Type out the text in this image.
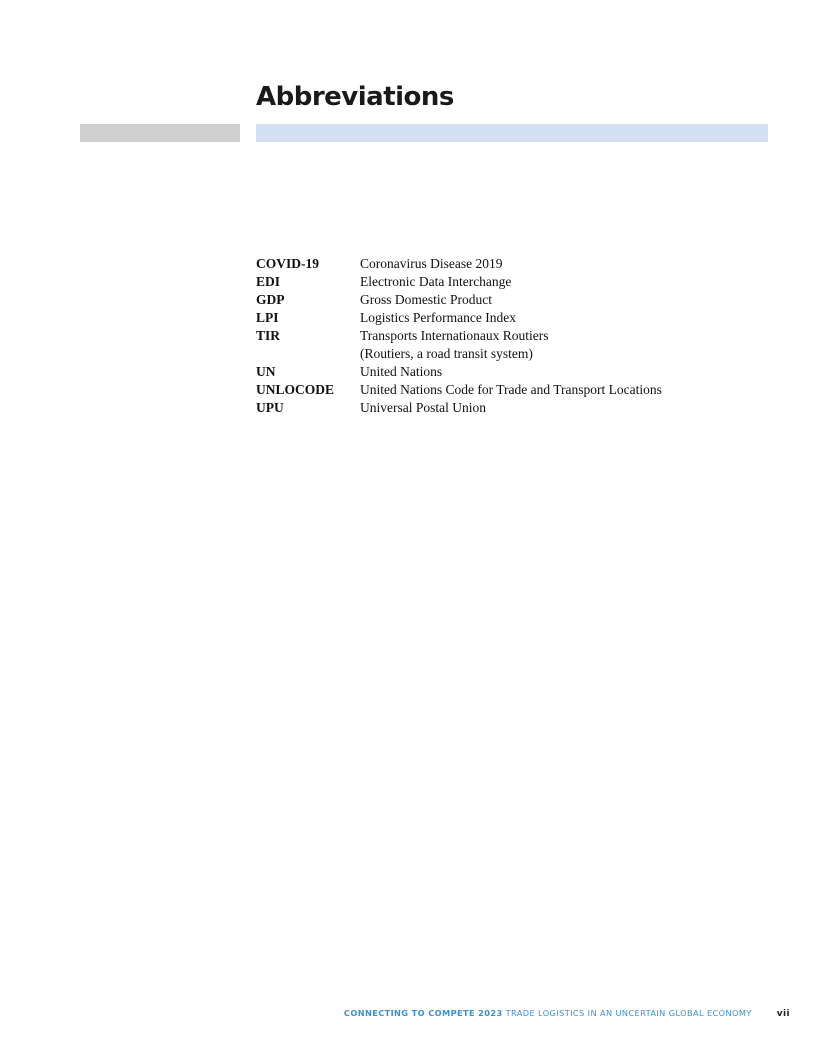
Abbreviations
COVID-19	Coronavirus Disease 2019
EDI	Electronic Data Interchange
GDP	Gross Domestic Product
LPI	Logistics Performance Index
TIR	Transports Internationaux Routiers
(Routiers, a road transit system)
UN	United Nations
UNLOCODE	United Nations Code for Trade and Transport Locations
UPU	Universal Postal Union
CONNECTING TO COMPETE 2023 TRADE LOGISTICS IN AN UNCERTAIN GLOBAL ECONOMY	vii
